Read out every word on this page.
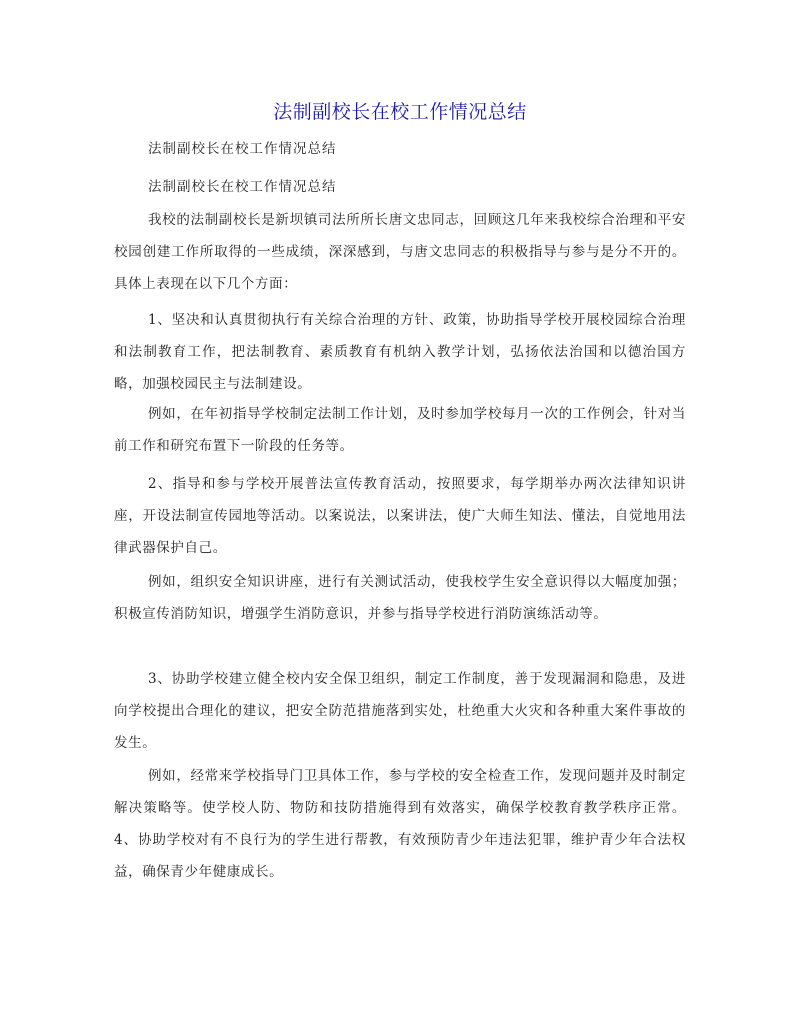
法制副校长在校工作情况总结
法制副校长在校工作情况总结
法制副校长在校工作情况总结

我校的法制副校长是新坝镇司法所所长唐文忠同志，回顾这几年来我校综合治理和平安校园创建工作所取得的一些成绩，深深感到，与唐文忠同志的积极指导与参与是分不开的。具体上表现在以下几个方面：

1、坚决和认真贯彻执行有关综合治理的方针、政策，协助指导学校开展校园综合治理和法制教育工作，把法制教育、素质教育有机纳入教学计划，弘扬依法治国和以德治国方略，加强校园民主与法制建设。

例如，在年初指导学校制定法制工作计划，及时参加学校每月一次的工作例会，针对当前工作和研究布置下一阶段的任务等。

2、指导和参与学校开展普法宣传教育活动，按照要求，每学期举办两次法律知识讲座，开设法制宣传园地等活动。以案说法，以案讲法，使广大师生知法、懂法，自觉地用法律武器保护自己。

例如，组织安全知识讲座，进行有关测试活动，使我校学生安全意识得以大幅度加强；积极宣传消防知识，增强学生消防意识，并参与指导学校进行消防演练活动等。

3、协助学校建立健全校内安全保卫组织，制定工作制度，善于发现漏洞和隐患，及进向学校提出合理化的建议，把安全防范措施落到实处，杜绝重大火灾和各种重大案件事故的发生。

例如，经常来学校指导门卫具体工作，参与学校的安全检查工作，发现问题并及时制定解决策略等。使学校人防、物防和技防措施得到有效落实，确保学校教育教学秩序正常。4、协助学校对有不良行为的学生进行帮教，有效预防青少年违法犯罪，维护青少年合法权益，确保青少年健康成长。
